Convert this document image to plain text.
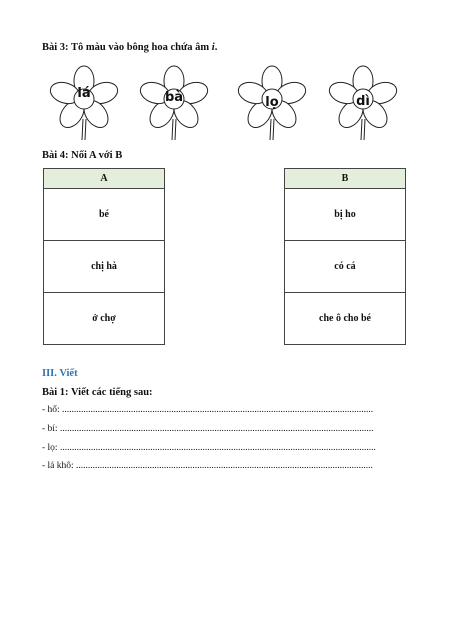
Bài 3: Tô màu vào bông hoa chứa âm i.
lá	bà	lọ	dì
Bài 4: Nối A với B
A
bé
chị hà
ở chợ
B
bị ho
có cá
che ô cho bé
III. Viết
Bài 1: Viết các tiếng sau:
- hổ: ...................................................................................................................................
- bí: ....................................................................................................................................
- lọ: .....................................................................................................................................
- lá khô: .............................................................................................................................
